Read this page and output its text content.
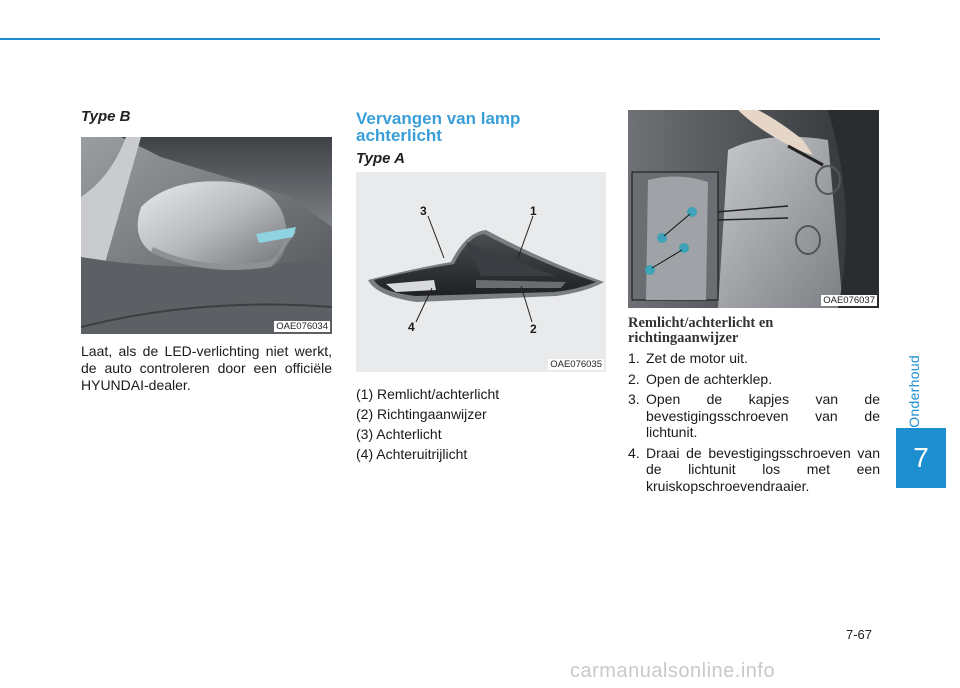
Onderhoud
7
Type B
OAE076034

Laat, als de LED-verlichting niet werkt, de auto controleren door een officiële HYUNDAI-dealer.

Vervangen van lamp achterlicht
Type A
3	1
4	2
OAE076035
(1) Remlicht/achterlicht
(2) Richtingaanwijzer
(3) Achterlicht
(4) Achteruitrijlicht
OAE076037
Remlicht/achterlicht en richtingaanwijzer
1. Zet de motor uit.
2. Open de achterklep.
3. Open de kapjes van de bevestigingsschroeven van de lichtunit.
4. Draai de bevestigingsschroeven van de lichtunit los met een kruiskopschroevendraaier.
7-67
carmanualsonline.info
